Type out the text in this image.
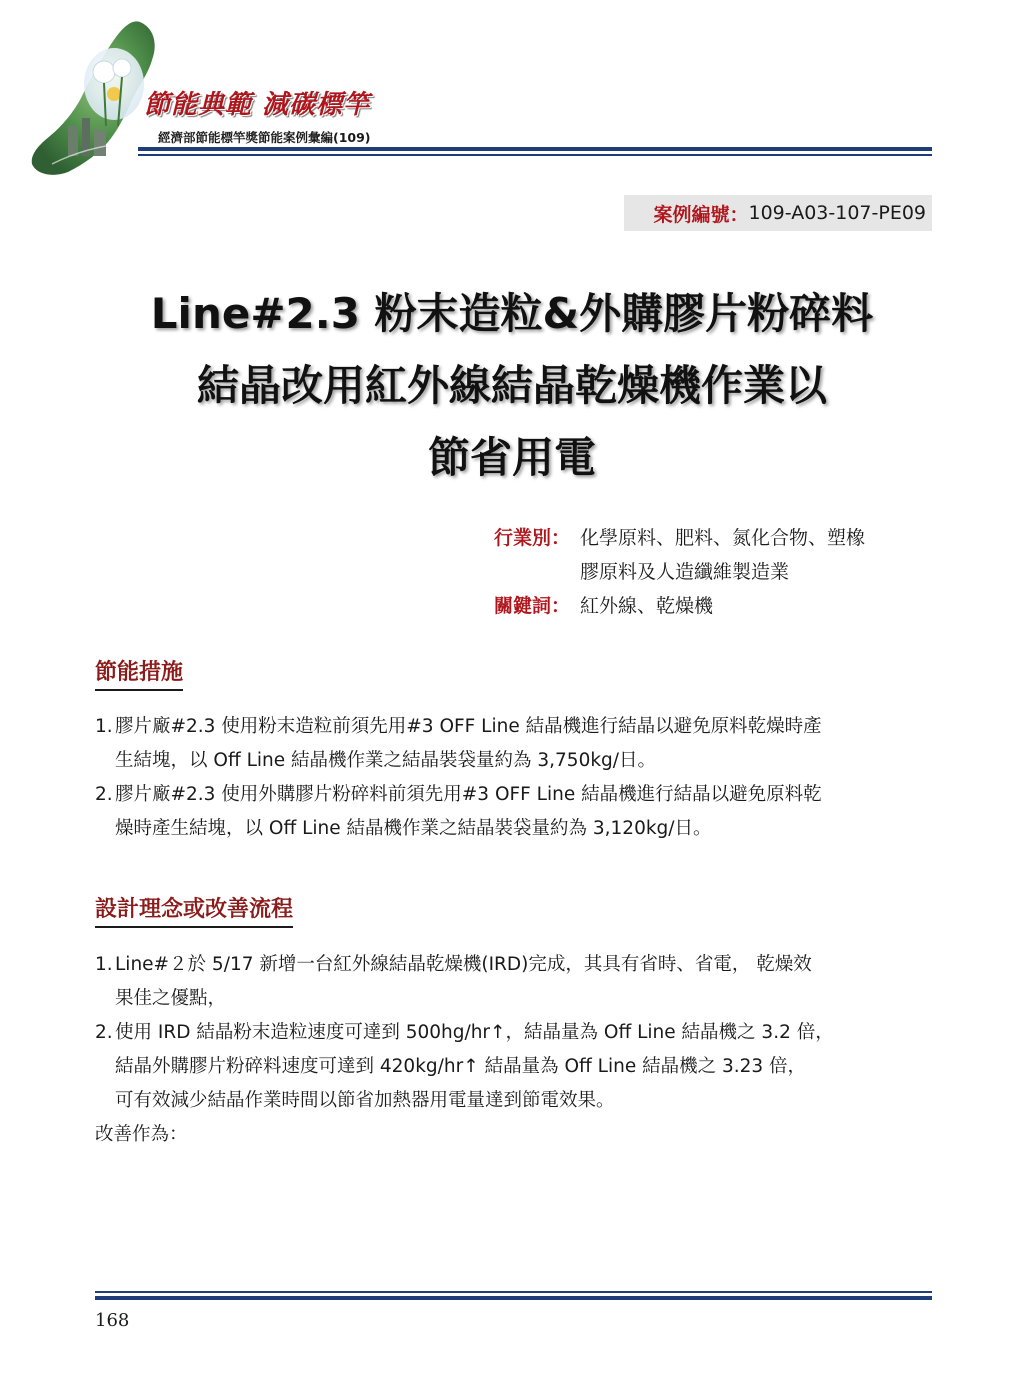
節能典範 減碳標竿
經濟部節能標竿獎節能案例彙編(109)
案例編號： 109-A03-107-PE09
Line#2.3 粉末造粒&外購膠片粉碎料
結晶改用紅外線結晶乾燥機作業以
節省用電
行業別： 化學原料、肥料、氮化合物、塑橡
膠原料及人造纖維製造業
關鍵詞： 紅外線、乾燥機
節能措施
1. 膠片廠#2.3 使用粉末造粒前須先用#3 OFF Line 結晶機進行結晶以避免原料乾燥時產
生結塊，以 Off Line 結晶機作業之結晶裝袋量約為 3,750kg/日。
2. 膠片廠#2.3 使用外購膠片粉碎料前須先用#3 OFF Line 結晶機進行結晶以避免原料乾
燥時產生結塊，以 Off Line 結晶機作業之結晶裝袋量約為 3,120kg/日。
設計理念或改善流程
1. Line#２於 5/17 新增一台紅外線結晶乾燥機(IRD)完成，其具有省時、省電， 乾燥效
果佳之優點，
2. 使用 IRD 結晶粉末造粒速度可達到 500hg/hr↑，結晶量為 Off Line 結晶機之 3.2 倍，
結晶外購膠片粉碎料速度可達到 420kg/hr↑ 結晶量為 Off Line 結晶機之 3.23 倍，
可有效減少結晶作業時間以節省加熱器用電量達到節電效果。
改善作為：
168
